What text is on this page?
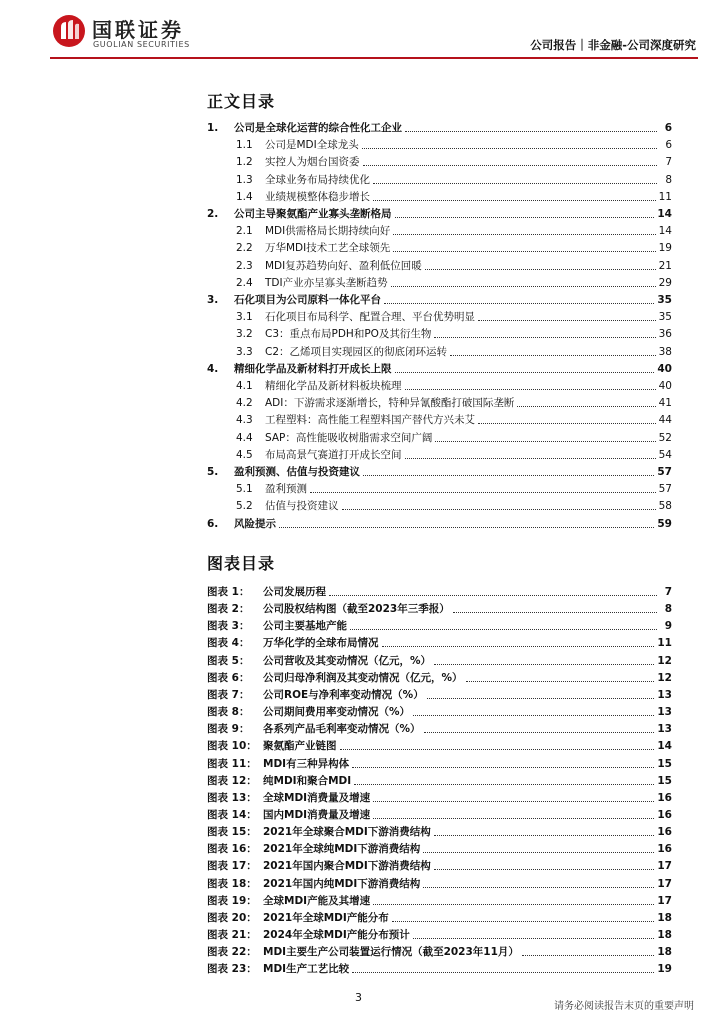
国联证券
GUOLIAN SECURITIES	公司报告｜非金融-公司深度研究
正文目录
1.	公司是全球化运营的综合性化工企业	6
1.1	公司是MDI全球龙头	6
1.2	实控人为烟台国资委	7
1.3	全球业务布局持续优化	8
1.4	业绩规模整体稳步增长	11
2.	公司主导聚氨酯产业寡头垄断格局	14
2.1	MDI供需格局长期持续向好	14
2.2	万华MDI技术工艺全球领先	19
2.3	MDI复苏趋势向好、盈利低位回暖	21
2.4	TDI产业亦呈寡头垄断趋势	29
3.	石化项目为公司原料一体化平台	35
3.1	石化项目布局科学、配置合理、平台优势明显	35
3.2	C3：重点布局PDH和PO及其衍生物	36
3.3	C2：乙烯项目实现园区的彻底闭环运转	38
4.	精细化学品及新材料打开成长上限	40
4.1	精细化学品及新材料板块梳理	40
4.2	ADI：下游需求逐渐增长，特种异氰酸酯打破国际垄断	41
4.3	工程塑料：高性能工程塑料国产替代方兴未艾	44
4.4	SAP：高性能吸收树脂需求空间广阔	52
4.5	布局高景气赛道打开成长空间	54
5.	盈利预测、估值与投资建议	57
5.1	盈利预测	57
5.2	估值与投资建议	58
6.	风险提示	59
图表目录
图表 1：	公司发展历程	7
图表 2：	公司股权结构图（截至2023年三季报）	8
图表 3：	公司主要基地产能	9
图表 4：	万华化学的全球布局情况	11
图表 5：	公司营收及其变动情况（亿元，%）	12
图表 6：	公司归母净利润及其变动情况（亿元，%）	12
图表 7：	公司ROE与净利率变动情况（%）	13
图表 8：	公司期间费用率变动情况（%）	13
图表 9：	各系列产品毛利率变动情况（%）	13
图表 10： 聚氨酯产业链图	14
图表 11： MDI有三种异构体	15
图表 12： 纯MDI和聚合MDI	15
图表 13： 全球MDI消费量及增速	16
图表 14： 国内MDI消费量及增速	16
图表 15： 2021年全球聚合MDI下游消费结构	16
图表 16： 2021年全球纯MDI下游消费结构	16
图表 17： 2021年国内聚合MDI下游消费结构	17
图表 18： 2021年国内纯MDI下游消费结构	17
图表 19： 全球MDI产能及其增速	17
图表 20： 2021年全球MDI产能分布	18
图表 21： 2024年全球MDI产能分布预计	18
图表 22： MDI主要生产公司装置运行情况（截至2023年11月）	18
图表 23： MDI生产工艺比较	19
3
请务必阅读报告末页的重要声明
